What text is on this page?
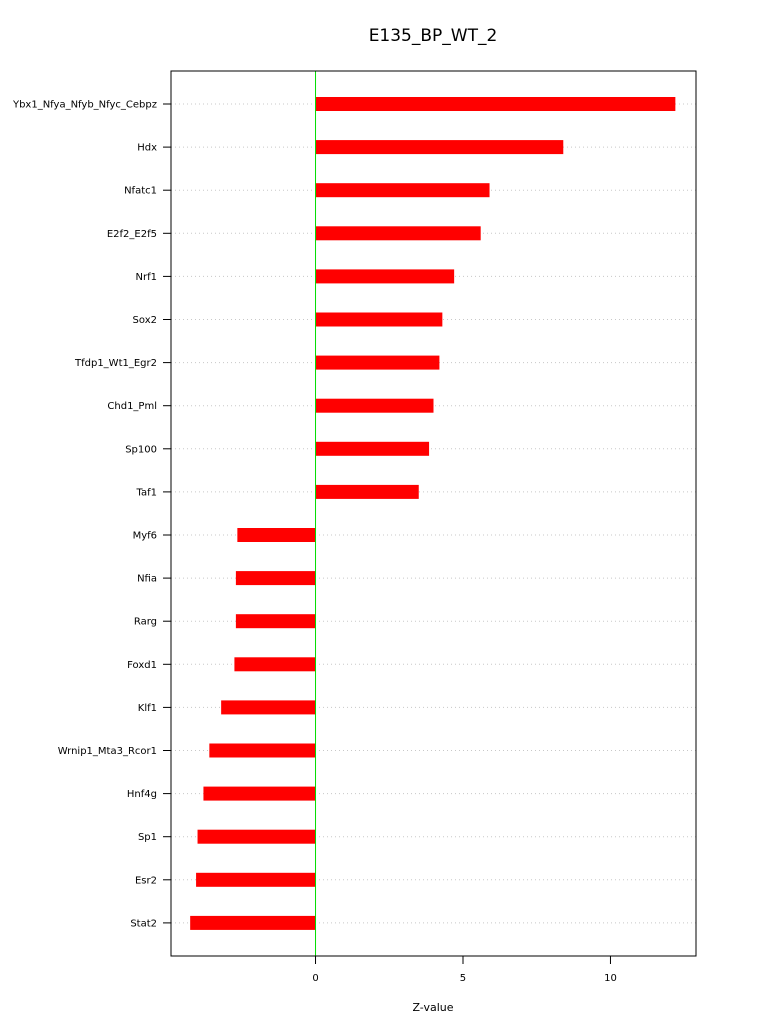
E135_BP_WT_2
Ybx1_Nfya_Nfyb_Nfyc_Cebpz
Hdx
Nfatc1
E2f2_E2f5
Nrf1
Sox2
Tfdp1_Wt1_Egr2
Chd1_Pml
Sp100
Taf1
Myf6
Nfia
Rarg
Foxd1
Klf1
Wrnip1_Mta3_Rcor1
Hnf4g
Sp1
Esr2
Stat2
0	5	10
Z-value
